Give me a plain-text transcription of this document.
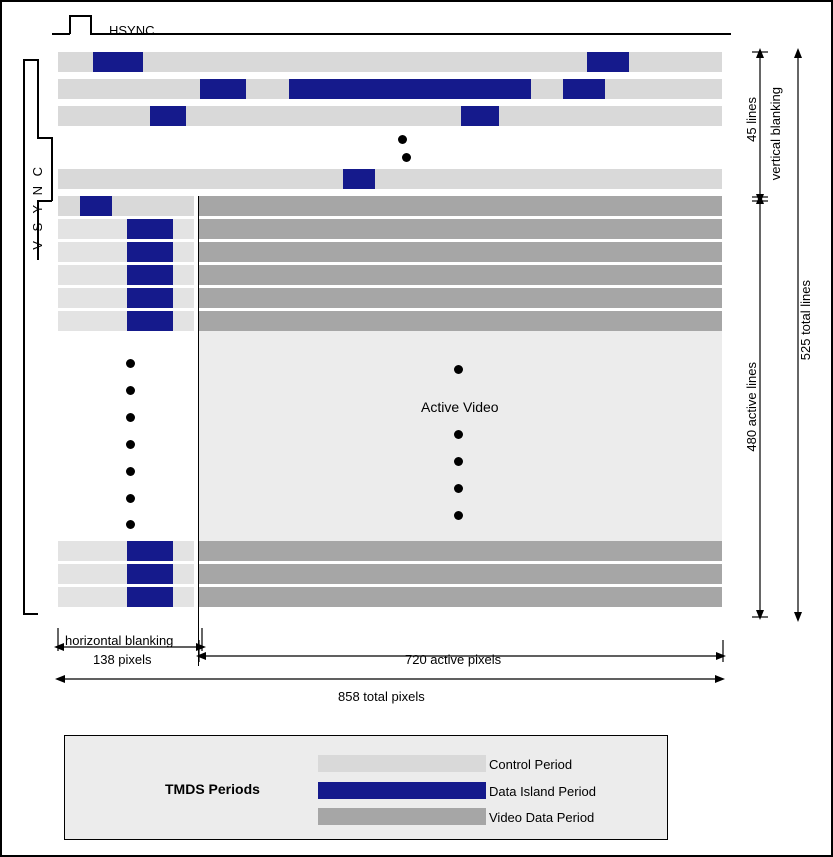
HSYNC
V S Y N C
Active Video
45 lines vertical blanking
480 active lines
525 total lines
horizontal blanking
138 pixels	720 active pixels
858 total pixels
TMDS Periods
Control Period
Data Island Period
Video Data Period
